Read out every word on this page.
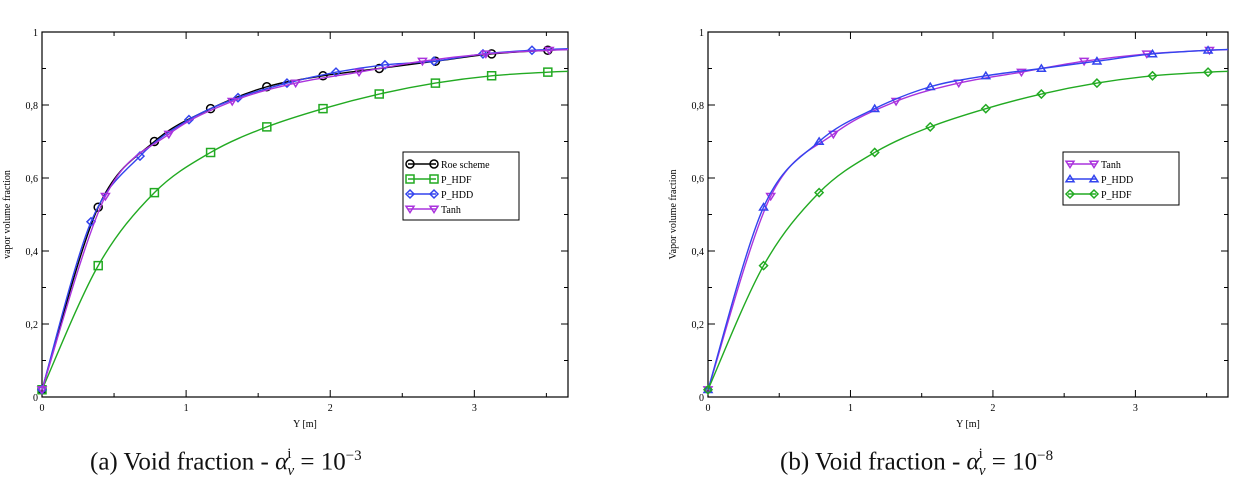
0	1	2	3
0
0,2
0,4
0,6
0,8
1
Y [m]
vapor volume fraction
Roe scheme
P_HDF
P_HDD
Tanh
(a) Void fraction - $\alpha^i_v = 10^{-3}$
0	1	2	3
0
0,2
0,4
0,6
0,8
1
Y [m]
Vapor volume fraction
Tanh
P_HDD
P_HDF
(b) Void fraction - $\alpha^i_v = 10^{-8}$
